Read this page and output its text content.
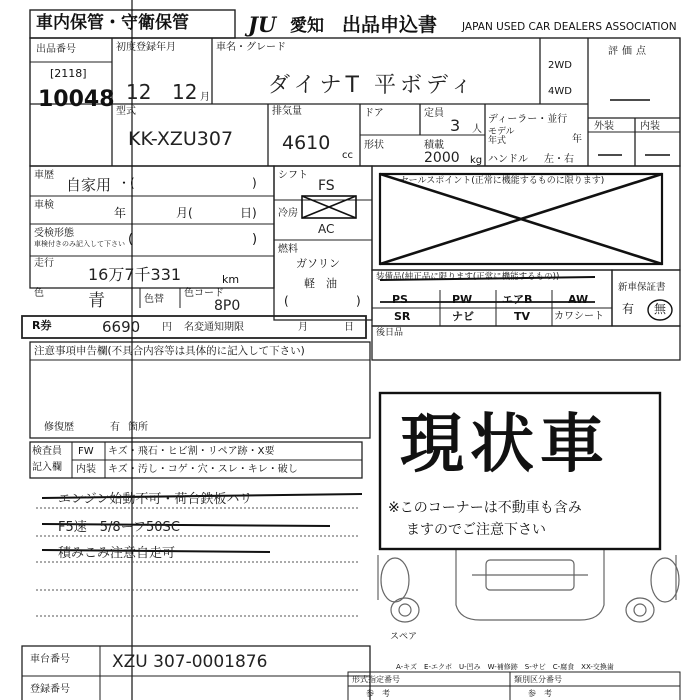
車内保管・守衛保管	JU 愛知 出品申込書 JAPAN USED CAR DEALERS ASSOCIATION
出品番号
[2118]
10048
初度登録年月
12 12 月
型式
KK-XZU307
排気量
4610
cc
車名・グレード
ダイナT 平ボディ
2WD
4WD
ドア	定員
3 人
形状	積載
2000 kg
ディーラー・並行
モデル
年式	年
ハンドル 左・右
評価点
外装	内装
車歴
自家用 ・(	)
車検
年	月(	日)
受検形態
車検付きのみ記入して下さい (	)
走行
16万7千331	km
色	青	色替
色コード
8P0
シフト
FS
冷房
AC
燃料
ガソリン
軽　油
(	)
セールスポイント(正常に機能するものに限ります)
装備品(純正品に限ります(正常に機能するもの))
PS	PW	エアB	AW
SR	ナビ	TV カワシート
新車保証書
有 無
R券	6690 円 名変通知期限	月	日 後日品
注意事項申告欄(不具合内容等は具体的に記入して下さい)
修復歴	有 箇所
検査員
記入欄
FW キズ・飛石・ヒビ割・リペア跡・X要
内装 キズ・汚し・コゲ・穴・スレ・キレ・破し
エンジン始動不可・荷台鉄板ハリ
F5速　5/8ーフ50SC
積みこみ注意自走可
現状車
※このコーナーは不動車も含み
ますのでご注意下さい
スペア
A-キズ　E-エクボ　U-凹み　W-補修跡　S-サビ　C-腐食　XX-交換歯
車台番号 XZU 307-0001876
登録番号
形式指定番号
参　考
類別区分番号
参　考
